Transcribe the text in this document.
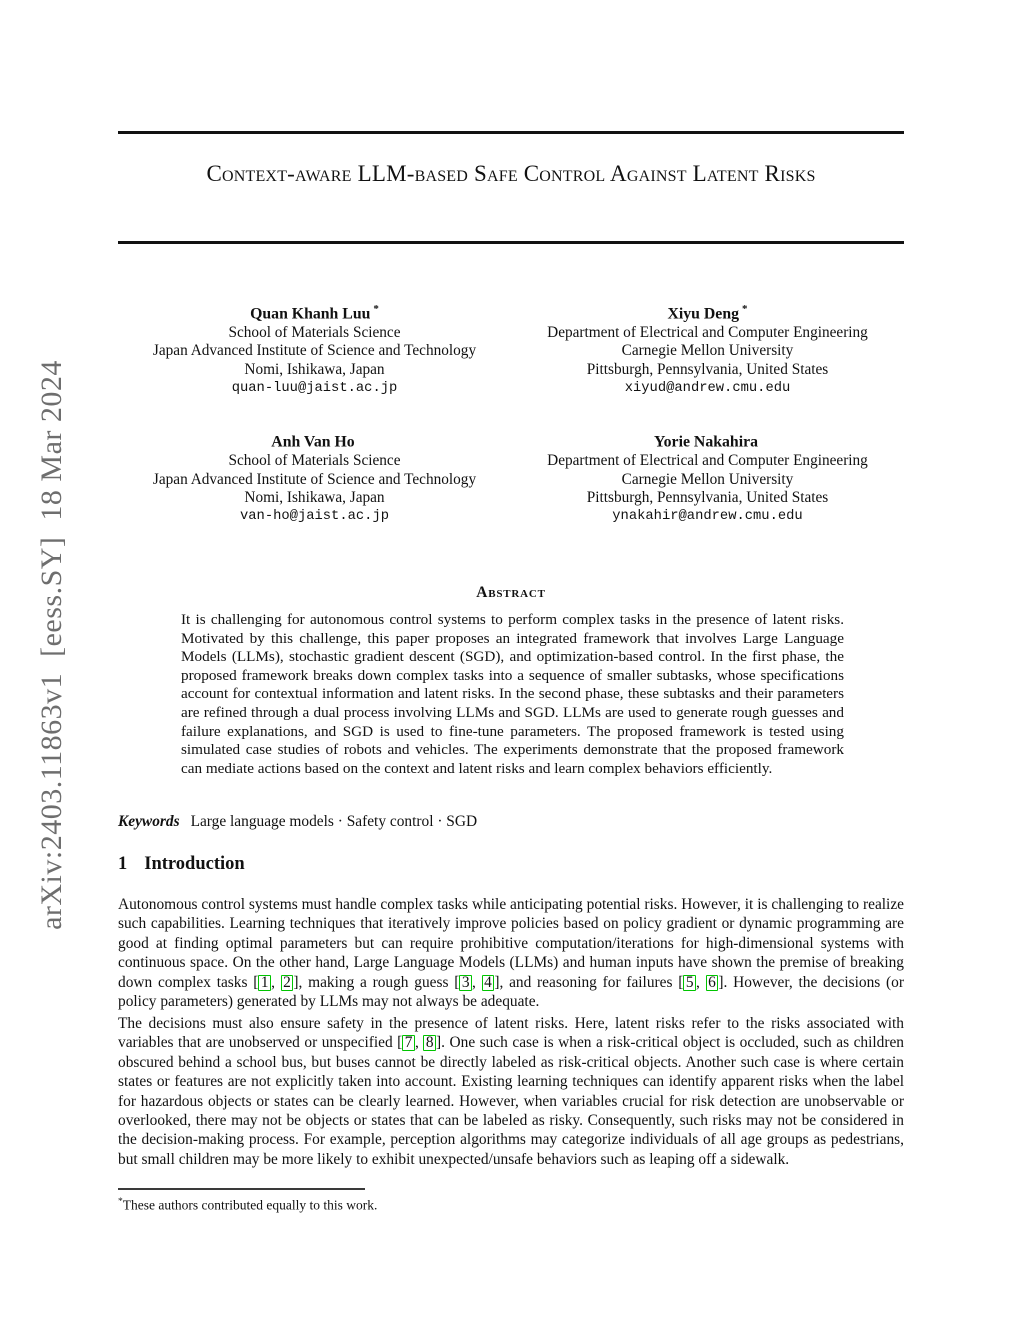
arXiv:2403.11863v1  [eess.SY]  18 Mar 2024
Context-aware LLM-based Safe Control Against Latent Risks
Quan Khanh Luu *
School of Materials Science
Japan Advanced Institute of Science and Technology
Nomi, Ishikawa, Japan
quan-luu@jaist.ac.jp
Xiyu Deng *
Department of Electrical and Computer Engineering
Carnegie Mellon University
Pittsburgh, Pennsylvania, United States
xiyud@andrew.cmu.edu
Anh Van Ho
School of Materials Science
Japan Advanced Institute of Science and Technology
Nomi, Ishikawa, Japan
van-ho@jaist.ac.jp
Yorie Nakahira
Department of Electrical and Computer Engineering
Carnegie Mellon University
Pittsburgh, Pennsylvania, United States
ynakahir@andrew.cmu.edu
Abstract

It is challenging for autonomous control systems to perform complex tasks in the presence of latent risks. Motivated by this challenge, this paper proposes an integrated framework that involves Large Language Models (LLMs), stochastic gradient descent (SGD), and optimization-based control. In the first phase, the proposed framework breaks down complex tasks into a sequence of smaller subtasks, whose specifications account for contextual information and latent risks. In the second phase, these subtasks and their parameters are refined through a dual process involving LLMs and SGD. LLMs are used to generate rough guesses and failure explanations, and SGD is used to fine-tune parameters. The proposed framework is tested using simulated case studies of robots and vehicles. The experiments demonstrate that the proposed framework can mediate actions based on the context and latent risks and learn complex behaviors efficiently.

Keywords Large language models · Safety control · SGD

1 Introduction

Autonomous control systems must handle complex tasks while anticipating potential risks. However, it is challenging to realize such capabilities. Learning techniques that iteratively improve policies based on policy gradient or dynamic programming are good at finding optimal parameters but can require prohibitive computation/iterations for high-dimensional systems with continuous space. On the other hand, Large Language Models (LLMs) and human inputs have shown the premise of breaking down complex tasks [ 1 , 2 ], making a rough guess [ 3 , 4 ], and reasoning for failures [ 5 , 6 ]. However, the decisions (or policy parameters) generated by LLMs may not always be adequate.

The decisions must also ensure safety in the presence of latent risks. Here, latent risks refer to the risks associated with variables that are unobserved or unspecified [ 7 , 8 ]. One such case is when a risk-critical object is occluded, such as children obscured behind a school bus, but buses cannot be directly labeled as risk-critical objects. Another such case is where certain states or features are not explicitly taken into account. Existing learning techniques can identify apparent risks when the label for hazardous objects or states can be clearly learned. However, when variables crucial for risk detection are unobservable or overlooked, there may not be objects or states that can be labeled as risky. Consequently, such risks may not be considered in the decision-making process. For example, perception algorithms may categorize individuals of all age groups as pedestrians, but small children may be more likely to exhibit unexpected/unsafe behaviors such as leaping off a sidewalk.

*These authors contributed equally to this work.
